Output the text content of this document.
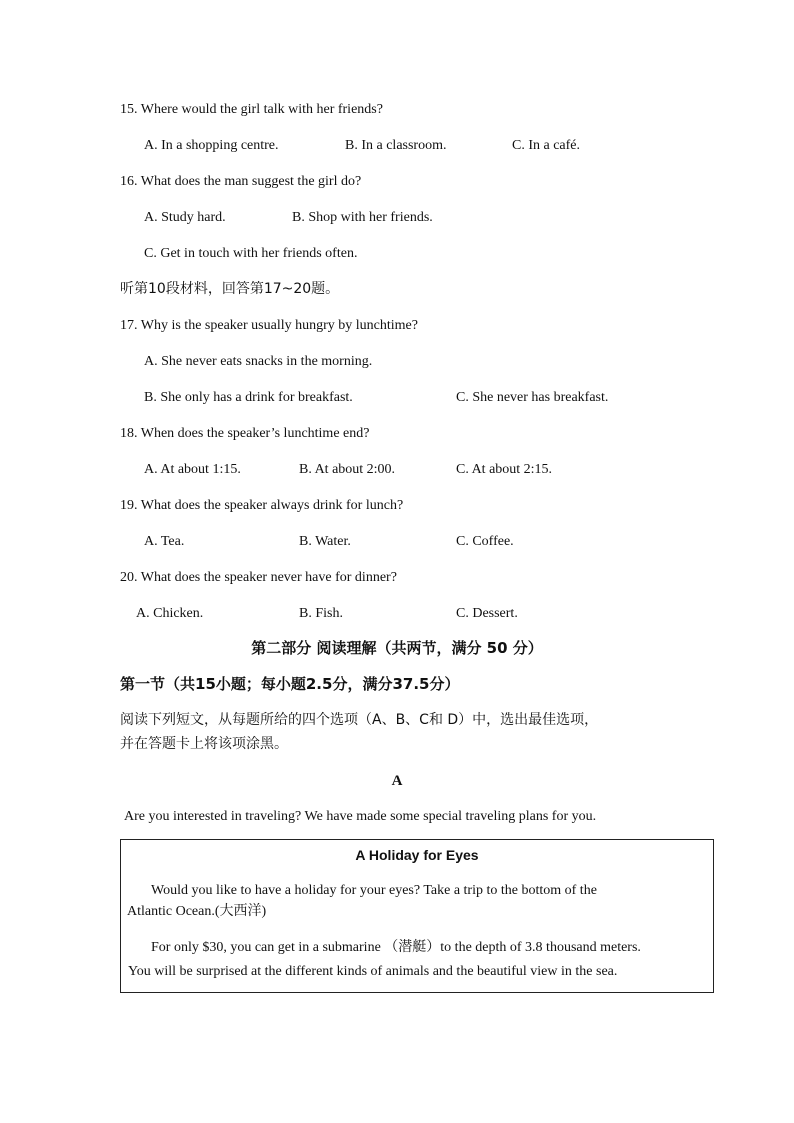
15. Where would the girl talk with her friends?
A. In a shopping centre.	B. In a classroom.	C. In a café.
16. What does the man suggest the girl do?
A. Study hard.	B. Shop with her friends.
C. Get in touch with her friends often.
听第10段材料，回答第17~20题。
17. Why is the speaker usually hungry by lunchtime?
A. She never eats snacks in the morning.
B. She only has a drink for breakfast.	C. She never has breakfast.
18. When does the speaker’s lunchtime end?
A. At about 1:15.	B. At about 2:00.	C. At about 2:15.
19. What does the speaker always drink for lunch?
A. Tea.	B. Water.	C. Coffee.
20. What does the speaker never have for dinner?
A. Chicken.	B. Fish.	C. Dessert.
第二部分 阅读理解（共两节，满分 50 分）
第一节（共15小题；每小题2.5分，满分37.5分）
阅读下列短文，从每题所给的四个选项（A、B、C和 D）中，选出最佳选项，
并在答题卡上将该项涂黑。
A
Are you interested in traveling? We have made some special traveling plans for you.
A Holiday for Eyes
Would you like to have a holiday for your eyes? Take a trip to the bottom of the
Atlantic Ocean.(大西洋)
For only $30, you can get in a submarine （潜艇）to the depth of 3.8 thousand meters.
You will be surprised at the different kinds of animals and the beautiful view in the sea.
